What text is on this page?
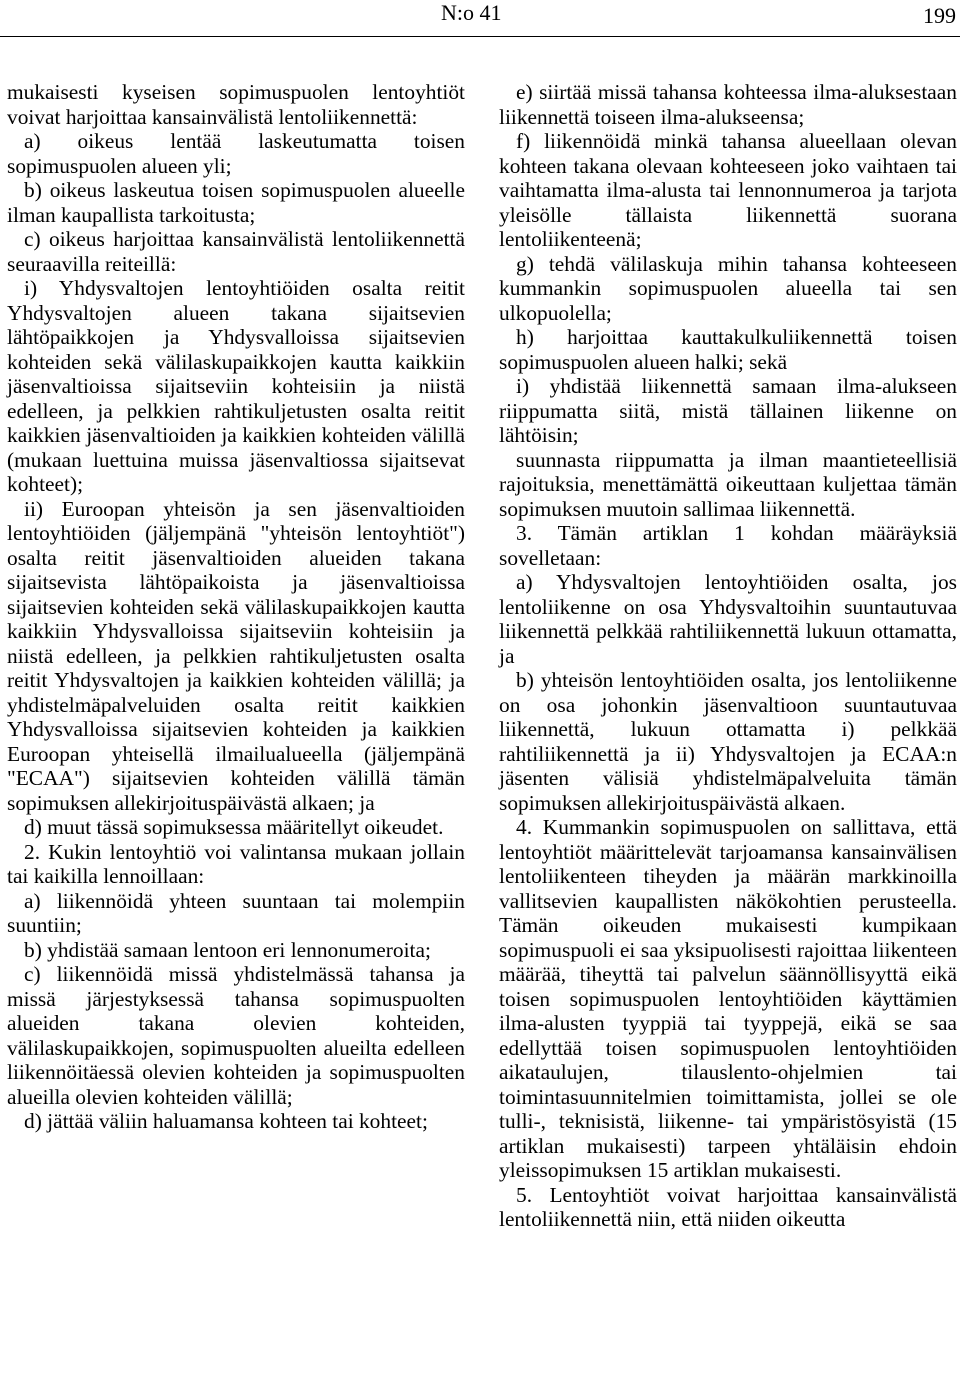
N:o 41	199

mukaisesti kyseisen sopimuspuolen lentoyhtiöt voivat harjoittaa kansainvälistä lentoliikennettä:

a) oikeus lentää laskeutumatta toisen sopimuspuolen alueen yli;

b) oikeus laskeutua toisen sopimuspuolen alueelle ilman kaupallista tarkoitusta;

c) oikeus harjoittaa kansainvälistä lentoliikennettä seuraavilla reiteillä:

i) Yhdysvaltojen lentoyhtiöiden osalta reitit Yhdysvaltojen alueen takana sijaitsevien lähtöpaikkojen ja Yhdysvalloissa sijaitsevien kohteiden sekä välilaskupaikkojen kautta kaikkiin jäsenvaltioissa sijaitseviin kohteisiin ja niistä edelleen, ja pelkkien rahtikuljetusten osalta reitit kaikkien jäsenvaltioiden ja kaikkien kohteiden välillä (mukaan luettuina muissa jäsenvaltiossa sijaitsevat kohteet);

ii) Euroopan yhteisön ja sen jäsenvaltioiden lentoyhtiöiden (jäljempänä "yhteisön lentoyhtiöt") osalta reitit jäsenvaltioiden alueiden takana sijaitsevista lähtöpaikoista ja jäsenvaltioissa sijaitsevien kohteiden sekä välilaskupaikkojen kautta kaikkiin Yhdysvalloissa sijaitseviin kohteisiin ja niistä edelleen, ja pelkkien rahtikuljetusten osalta reitit Yhdysvaltojen ja kaikkien kohteiden välillä; ja yhdistelmäpalveluiden osalta reitit kaikkien Yhdysvalloissa sijaitsevien kohteiden ja kaikkien Euroopan yhteisellä ilmailualueella (jäljempänä "ECAA") sijaitsevien kohteiden välillä tämän sopimuksen allekirjoituspäivästä alkaen; ja

d) muut tässä sopimuksessa määritellyt oikeudet.

2. Kukin lentoyhtiö voi valintansa mukaan jollain tai kaikilla lennoillaan:

a) liikennöidä yhteen suuntaan tai molempiin suuntiin;

b) yhdistää samaan lentoon eri lennonumeroita;

c) liikennöidä missä yhdistelmässä tahansa ja missä järjestyksessä tahansa sopimuspuolten alueiden takana olevien kohteiden, välilaskupaikkojen, sopimuspuolten alueilta edelleen liikennöitäessä olevien kohteiden ja sopimuspuolten alueilla olevien kohteiden välillä;

d) jättää väliin haluamansa kohteen tai kohteet;

e) siirtää missä tahansa kohteessa ilma-aluksestaan liikennettä toiseen ilma-alukseensa;

f) liikennöidä minkä tahansa alueellaan olevan kohteen takana olevaan kohteeseen joko vaihtaen tai vaihtamatta ilma-alusta tai lennonnumeroa ja tarjota yleisölle tällaista liikennettä suorana lentoliikenteenä;

g) tehdä välilaskuja mihin tahansa kohteeseen kummankin sopimuspuolen alueella tai sen ulkopuolella;

h) harjoittaa kauttakulkuliikennettä toisen sopimuspuolen alueen halki; sekä

i) yhdistää liikennettä samaan ilma-alukseen riippumatta siitä, mistä tällainen liikenne on lähtöisin;

suunnasta riippumatta ja ilman maantieteellisiä rajoituksia, menettämättä oikeuttaan kuljettaa tämän sopimuksen muutoin sallimaa liikennettä.

3. Tämän artiklan 1 kohdan määräyksiä sovelletaan:

a) Yhdysvaltojen lentoyhtiöiden osalta, jos lentoliikenne on osa Yhdysvaltoihin suuntautuvaa liikennettä pelkkää rahtiliikennettä lukuun ottamatta, ja

b) yhteisön lentoyhtiöiden osalta, jos lentoliikenne on osa johonkin jäsenvaltioon suuntautuvaa liikennettä, lukuun ottamatta i) pelkkää rahtiliikennettä ja ii) Yhdysvaltojen ja ECAA:n jäsenten välisiä yhdistelmäpalveluita tämän sopimuksen allekirjoituspäivästä alkaen.

4. Kummankin sopimuspuolen on sallittava, että lentoyhtiöt määrittelevät tarjoamansa kansainvälisen lentoliikenteen tiheyden ja määrän markkinoilla vallitsevien kaupallisten näkökohtien perusteella. Tämän oikeuden mukaisesti kumpikaan sopimuspuoli ei saa yksipuolisesti rajoittaa liikenteen määrää, tiheyttä tai palvelun säännöllisyyttä eikä toisen sopimuspuolen lentoyhtiöiden käyttämien ilma-alusten tyyppiä tai tyyppejä, eikä se saa edellyttää toisen sopimuspuolen lentoyhtiöiden aikataulujen, tilauslento-ohjelmien tai toimintasuunnitelmien toimittamista, jollei se ole tulli-, teknisistä, liikenne- tai ympäristösyistä (15 artiklan mukaisesti) tarpeen yhtäläisin ehdoin yleissopimuksen 15 artiklan mukaisesti.

5. Lentoyhtiöt voivat harjoittaa kansainvälistä lentoliikennettä niin, että niiden oikeutta
